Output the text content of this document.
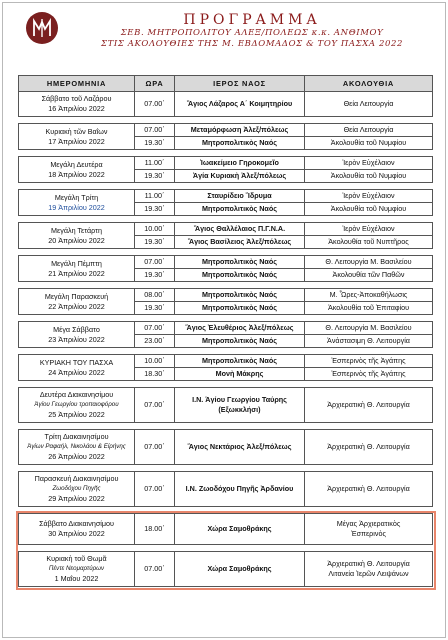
ΠΡΟΓΡΑΜΜΑ
ΣΕΒ. ΜΗΤΡΟΠΟΛΙΤΟΥ ΑΛΕΞ/ΠΟΛΕΩΣ κ.κ. ΑΝΘΙΜΟΥ
ΣΤΙΣ ΑΚΟΛΟΥΘΙΕΣ ΤΗΣ Μ. ΕΒΔΟΜΑΔΟΣ & ΤΟΥ ΠΑΣΧΑ 2022
ΗΜΕΡΟΜΗΝΙΑ	ΩΡΑ	ΙΕΡΟΣ ΝΑΟΣ	ΑΚΟΛΟΥΘΙΑ

Σάββατο τοῦ Λαζάρου
16 Ἀπριλίου 2022	07.00΄	Ἅγιος Λάζαρος Α΄ Κοιμητηρίου	Θεία Λειτουργία

Κυριακὴ τῶν Βαΐων
17 Ἀπριλίου 2022	07.00΄	Μεταμόρφωση Ἀλεξ/πόλεως	Θεία Λειτουργία

	19.30΄	Μητροπολιτικὸς Ναός	Ἀκολουθία τοῦ Νυμφίου

Μεγάλη Δευτέρα
18 Ἀπριλίου 2022	11.00΄	Ἰωακείμειο Γηροκομεῖο	Ἱερὸν Εὐχέλαιον

	19.30΄	Ἁγία Κυριακὴ Ἀλεξ/πόλεως	Ἀκολουθία τοῦ Νυμφίου

Μεγάλη Τρίτη
19 Ἀπριλίου 2022	11.00΄	Σταυρίδειο Ἵδρυμα	Ἱερὸν Εὐχέλαιον

	19.30΄	Μητροπολιτικὸς Ναός	Ἀκολουθία τοῦ Νυμφίου

Μεγάλη Τετάρτη
20 Ἀπριλίου 2022	10.00΄	Ἅγιος Θαλλέλαιος Π.Γ.Ν.Α.	Ἱερὸν Εὐχέλαιον

	19.30΄	Ἅγιος Βασίλειος Ἀλεξ/πόλεως	Ἀκολουθία τοῦ Νυπτῆρος

Μεγάλη Πέμπτη
21 Ἀπριλίου 2022	07.00΄	Μητροπολιτικὸς Ναός	Θ. Λειτουργία Μ. Βασιλείου

	19.30΄	Μητροπολιτικὸς Ναός	Ἀκολουθία τῶν Παθῶν

Μεγάλη Παρασκευή
22 Ἀπριλίου 2022	08.00΄	Μητροπολιτικὸς Ναός	Μ. Ὧρες-Ἀποκαθήλωσις

	19.30΄	Μητροπολιτικὸς Ναός	Ἀκολουθία τοῦ Ἐπιταφίου

Μέγα Σάββατο
23 Ἀπριλίου 2022	07.00΄	Ἅγιος Ἐλευθέριος Ἀλεξ/πόλεως	Θ. Λειτουργία Μ. Βασιλείου

	23.00΄	Μητροπολιτικὸς Ναός	Ἀνάστασιμη Θ. Λειτουργία

ΚΥΡΙΑΚΗ ΤΟΥ ΠΑΣΧΑ
24 Ἀπριλίου 2022	10.00΄	Μητροπολιτικὸς Ναός	Ἑσπερινὸς τῆς Ἀγάπης

	18.30΄	Μονὴ Μάκρης	Ἑσπερινὸς τῆς Ἀγάπης

Δευτέρα Διακαινησίμου
Ἁγίου Γεωργίου τροπαιοφόρου
25 Ἀπριλίου 2022	07.00΄	Ι.Ν. Ἁγίου Γεωργίου Ταύρης
(Εξωκκλήσι)	Ἀρχιερατικὴ Θ. Λειτουργία

Τρίτη Διακαινησίμου
Ἁγίων Ραφαήλ, Νικολάου & Εἰρήνης
26 Ἀπριλίου 2022	07.00΄	Ἅγιος Νεκτάριος Ἀλεξ/πόλεως	Ἀρχιερατικὴ Θ. Λειτουργία

Παρασκευή Διακαινησίμου
Ζωοδόχου Πηγῆς
29 Ἀπριλίου 2022	07.00΄	Ι.Ν. Ζωοδόχου Πηγῆς Ἀρδανίου	Ἀρχιερατικὴ Θ. Λειτουργία

Σάββατο Διακαινησίμου
30 Ἀπριλίου 2022	18.00΄	Χώρα Σαμοθράκης	Μέγας Ἀρχιερατικὸς
Ἑσπερινὸς

Κυριακὴ τοῦ Θωμᾶ
Πέντε Νεομαρτύρων
1 Μαΐου 2022	07.00΄	Χώρα Σαμοθράκης	Ἀρχιερατικὴ Θ. Λειτουργία
Λιτανεία Ἱερῶν Λειψάνων
